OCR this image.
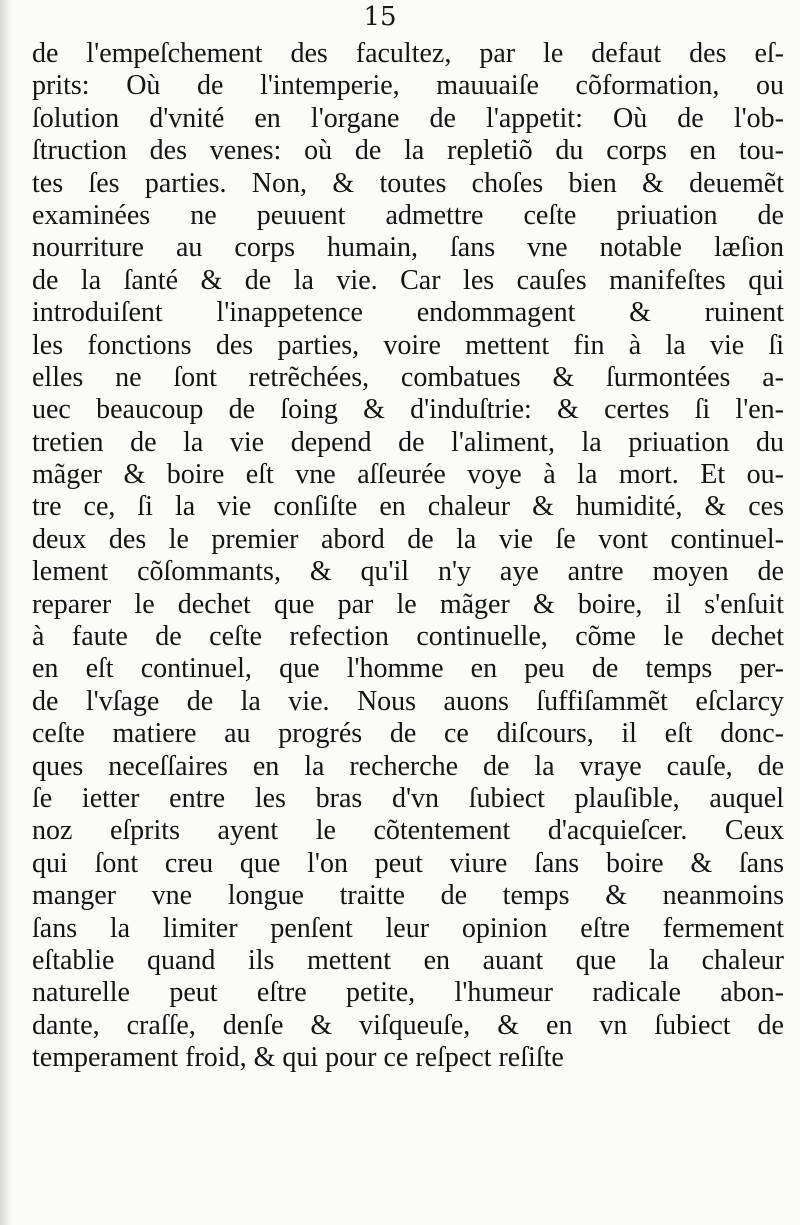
15
de l'empeſchement des facultez, par le defaut des eſ-
prits: Où de l'intemperie, mauuaiſe cõformation, ou
ſolution d'vnité en l'organe de l'appetit: Où de l'ob-
ſtruction des venes: où de la repletiõ du corps en tou-
tes ſes parties. Non, & toutes choſes bien & deuemẽt
examinées ne peuuent admettre ceſte priuation de
nourriture au corps humain, ſans vne notable læſion
de la ſanté & de la vie. Car les cauſes manifeſtes qui
introduiſent l'inappetence endommagent & ruinent
les fonctions des parties, voire mettent fin à la vie ſi
elles ne ſont retrẽchées, combatues & ſurmontées a-
uec beaucoup de ſoing & d'induſtrie: & certes ſi l'en-
tretien de la vie depend de l'aliment, la priuation du
mãger & boire eſt vne aſſeurée voye à la mort. Et ou-
tre ce, ſi la vie conſiſte en chaleur & humidité, & ces
deux des le premier abord de la vie ſe vont continuel-
lement cõſommants, & qu'il n'y aye antre moyen de
reparer le dechet que par le mãger & boire, il s'enſuit
à faute de ceſte refection continuelle, cõme le dechet
en eſt continuel, que l'homme en peu de temps per-
de l'vſage de la vie. Nous auons ſuffiſammẽt eſclarcy
ceſte matiere au progrés de ce diſcours, il eſt donc-
ques neceſſaires en la recherche de la vraye cauſe, de
ſe ietter entre les bras d'vn ſubiect plauſible, auquel
noz eſprits ayent le cõtentement d'acquieſcer. Ceux
qui ſont creu que l'on peut viure ſans boire & ſans
manger vne longue traitte de temps & neanmoins
ſans la limiter penſent leur opinion eſtre fermement
eſtablie quand ils mettent en auant que la chaleur
naturelle peut eſtre petite, l'humeur radicale abon-
dante, craſſe, denſe & viſqueuſe, & en vn ſubiect de
temperament froid, & qui pour ce reſpect reſiſte
